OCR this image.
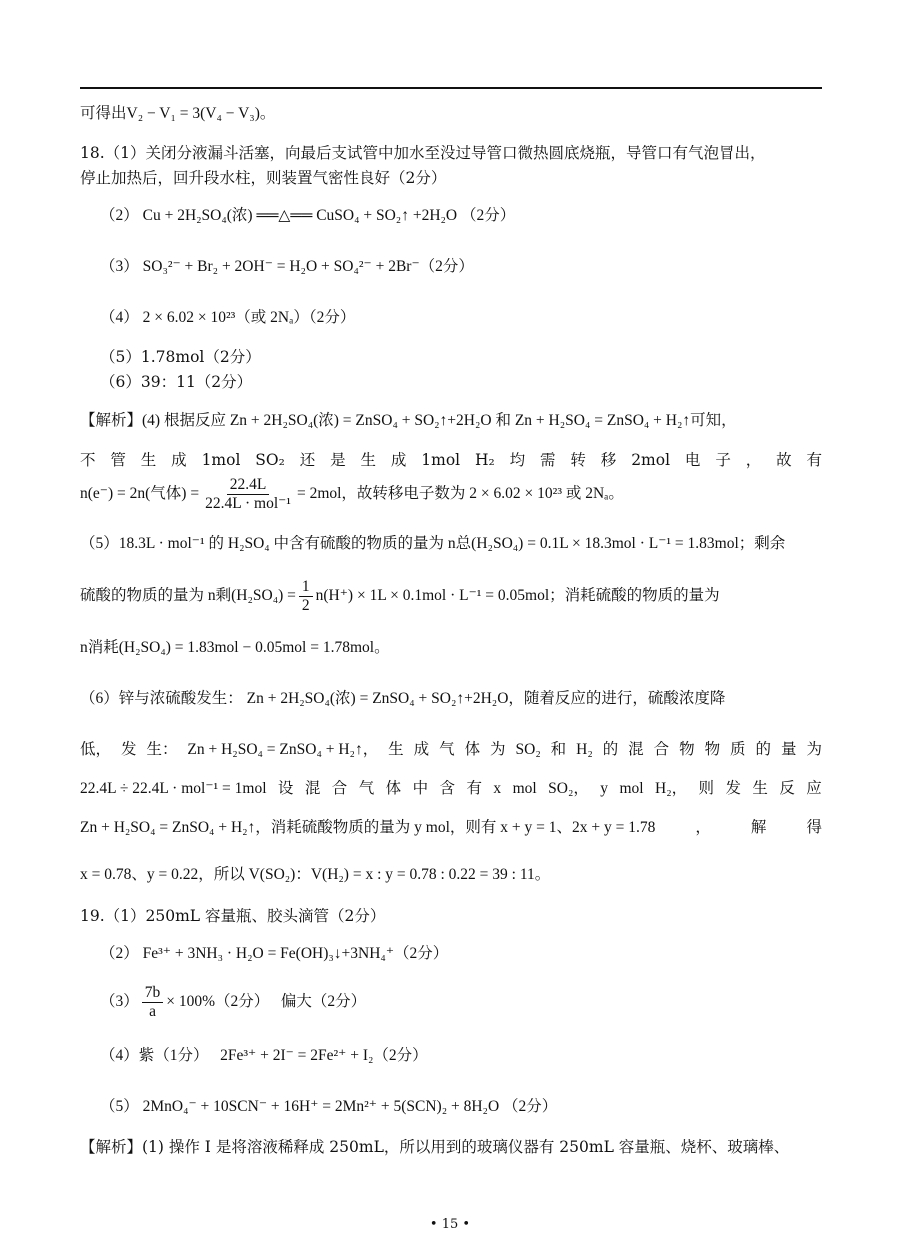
可得出V₂ − V₁ = 3(V₄ − V₃)。
18.（1）关闭分液漏斗活塞，向最后支试管中加水至没过导管口微热圆底烧瓶，导管口有气泡冒出，
停止加热后，回升段水柱，则装置气密性良好（2分）
（2） Cu + 2H₂SO₄(浓) ══△══ CuSO₄ + SO₂↑ +2H₂O （2分）
（3） SO₃²⁻ + Br₂ + 2OH⁻ = H₂O + SO₄²⁻ + 2Br⁻（2分）
（4） 2 × 6.02 × 10²³（或 2Nₐ）（2分）
（5）1.78mol（2分）
（6）39：11（2分）
【解析】(4) 根据反应 Zn + 2H₂SO₄(浓) = ZnSO₄ + SO₂↑+2H₂O 和 Zn + H₂SO₄ = ZnSO₄ + H₂↑可知，
不 管 生 成 1mol SO₂ 还 是 生 成 1mol H₂ 均 需 转 移 2mol 电 子 ， 故 有
n(e⁻) = 2n(气体) = $\frac{22.4L}{\text{22.4L · mol⁻¹}} = 2mol$，故转移电子数为 2 × 6.02 × 10²³ 或 2Nₐ。
（5）18.3L · mol⁻¹ 的 H₂SO₄ 中含有硫酸的物质的量为 n总(H₂SO₄) = 0.1L × 18.3mol · L⁻¹ = 1.83mol；剩余
硫酸的物质的量为 n剩$(H_2SO_4) = \frac{1}{2} n(H^+) \times 1L \times 0.1mol \cdot L^{-1} = 0.05mol$；消耗硫酸的物质的量为
n消耗(H₂SO₄) = 1.83mol − 0.05mol = 1.78mol。
（6）锌与浓硫酸发生： Zn + 2H₂SO₄(浓) = ZnSO₄ + SO₂↑+2H₂O，随着反应的进行，硫酸浓度降
低， 发 生： Zn + H₂SO₄ = ZnSO₄ + H₂↑， 生 成 气 体 为 SO₂ 和 H₂ 的 混 合 物 物 质 的 量 为
22.4L ÷ 22.4L · mol⁻¹ = 1mol 设 混 合 气 体 中 含 有 x mol SO₂， y mol H₂， 则 发 生 反 应
Zn + H₂SO₄ = ZnSO₄ + H₂↑，消耗硫酸物质的量为 y mol，则有 x + y = 1、2x + y = 1.78	，	解	得
x = 0.78、y = 0.22，所以 V(SO₂)：V(H₂) = x : y = 0.78 : 0.22 = 39 : 11。
19.（1）250mL 容量瓶、胶头滴管（2分）
（2） Fe³⁺ + 3NH₃ · H₂O = Fe(OH)₃↓+3NH₄⁺（2分）
$(3) \frac{7b}{a} \times 100\%(2$分）　 偏大（2分）
（4）紫（1分）　 2Fe³⁺ + 2I⁻ = 2Fe²⁺ + I₂（2分）
（5） 2MnO₄⁻ + 10SCN⁻ + 16H⁺ = 2Mn²⁺ + 5(SCN)₂ + 8H₂O （2分）
【解析】(1) 操作 I 是将溶液稀释成 250mL，所以用到的玻璃仪器有 250mL 容量瓶、烧杯、玻璃棒、
• 15 •
